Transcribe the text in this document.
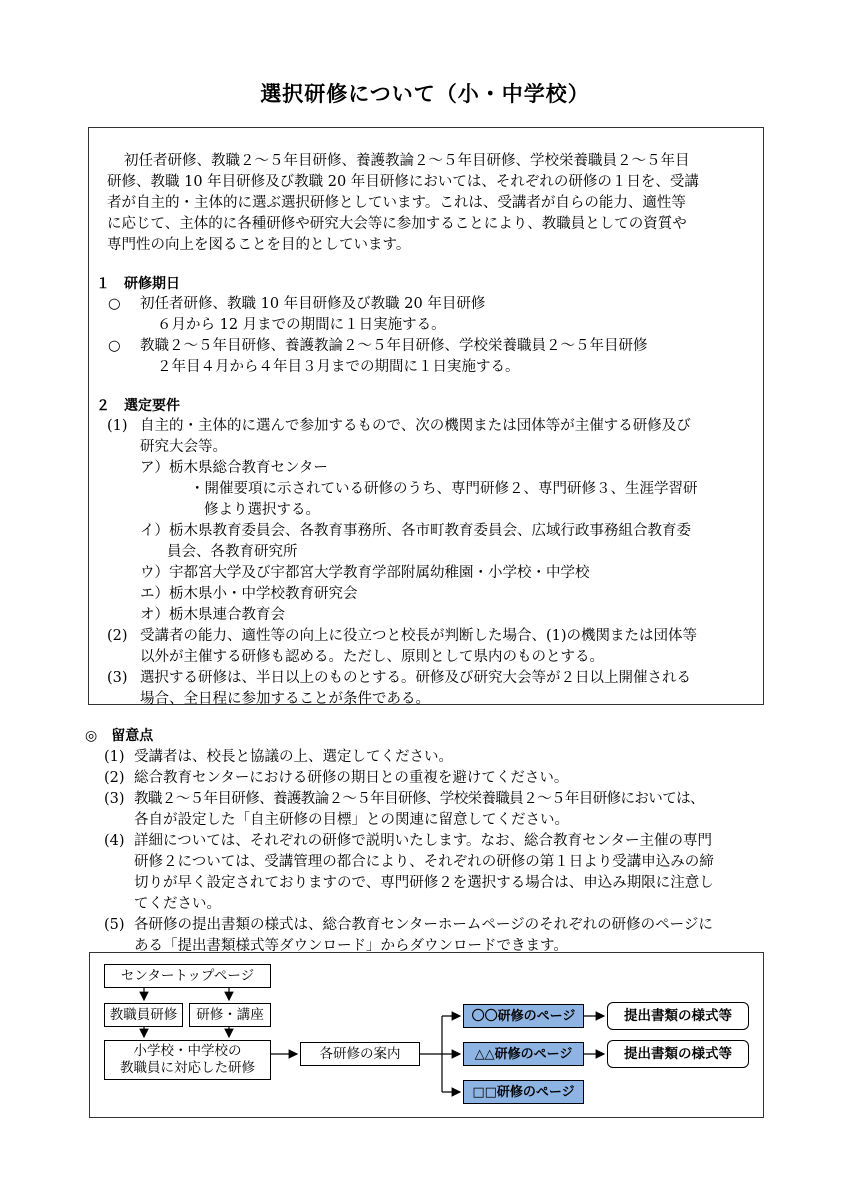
選択研修について（小・中学校）
初任者研修、教職２～５年目研修、養護教論２～５年目研修、学校栄養職員２～５年目
研修、教職 10 年目研修及び教職 20 年目研修においては、それぞれの研修の１日を、受講
者が自主的・主体的に選ぶ選択研修としています。これは、受講者が自らの能力、適性等
に応じて、主体的に各種研修や研究大会等に参加することにより、教職員としての資質や
専門性の向上を図ることを目的としています。
１　研修期日
○ 初任者研修、教職 10 年目研修及び教職 20 年目研修
６月から 12 月までの期間に１日実施する。
○ 教職２～５年目研修、養護教論２～５年目研修、学校栄養職員２～５年目研修
２年目４月から４年目３月までの期間に１日実施する。
２　選定要件
(1) 自主的・主体的に選んで参加するもので、次の機関または団体等が主催する研修及び
研究大会等。
ア）栃木県総合教育センター
・開催要項に示されている研修のうち、専門研修２、専門研修３、生涯学習研
修より選択する。
イ）栃木県教育委員会、各教育事務所、各市町教育委員会、広域行政事務組合教育委
員会、各教育研究所
ウ）宇都宮大学及び宇都宮大学教育学部附属幼稚園・小学校・中学校
エ）栃木県小・中学校教育研究会
オ）栃木県連合教育会
(2) 受講者の能力、適性等の向上に役立つと校長が判断した場合、(1)の機関または団体等
以外が主催する研修も認める。ただし、原則として県内のものとする。
(3) 選択する研修は、半日以上のものとする。研修及び研究大会等が２日以上開催される
場合、全日程に参加することが条件である。
◎　留意点
(1) 受講者は、校長と協議の上、選定してください。
(2) 総合教育センターにおける研修の期日との重複を避けてください。
(3) 教職２～５年目研修、養護教論２～５年目研修、学校栄養職員２～５年目研修においては、
各自が設定した「自主研修の目標」との関連に留意してください。
(4) 詳細については、それぞれの研修で説明いたします。なお、総合教育センター主催の専門
研修２については、受講管理の都合により、それぞれの研修の第１日より受講申込みの締
切りが早く設定されておりますので、専門研修２を選択する場合は、申込み期限に注意し
てください。
(5) 各研修の提出書類の様式は、総合教育センターホームページのそれぞれの研修のページに
ある「提出書類様式等ダウンロード」からダウンロードできます。
センタートップページ
教職員研修	研修・講座
小学校・中学校の
教職員に対応した研修
各研修の案内
〇〇研修のページ
△△研修のページ
□□研修のページ
提出書類の様式等
提出書類の様式等
